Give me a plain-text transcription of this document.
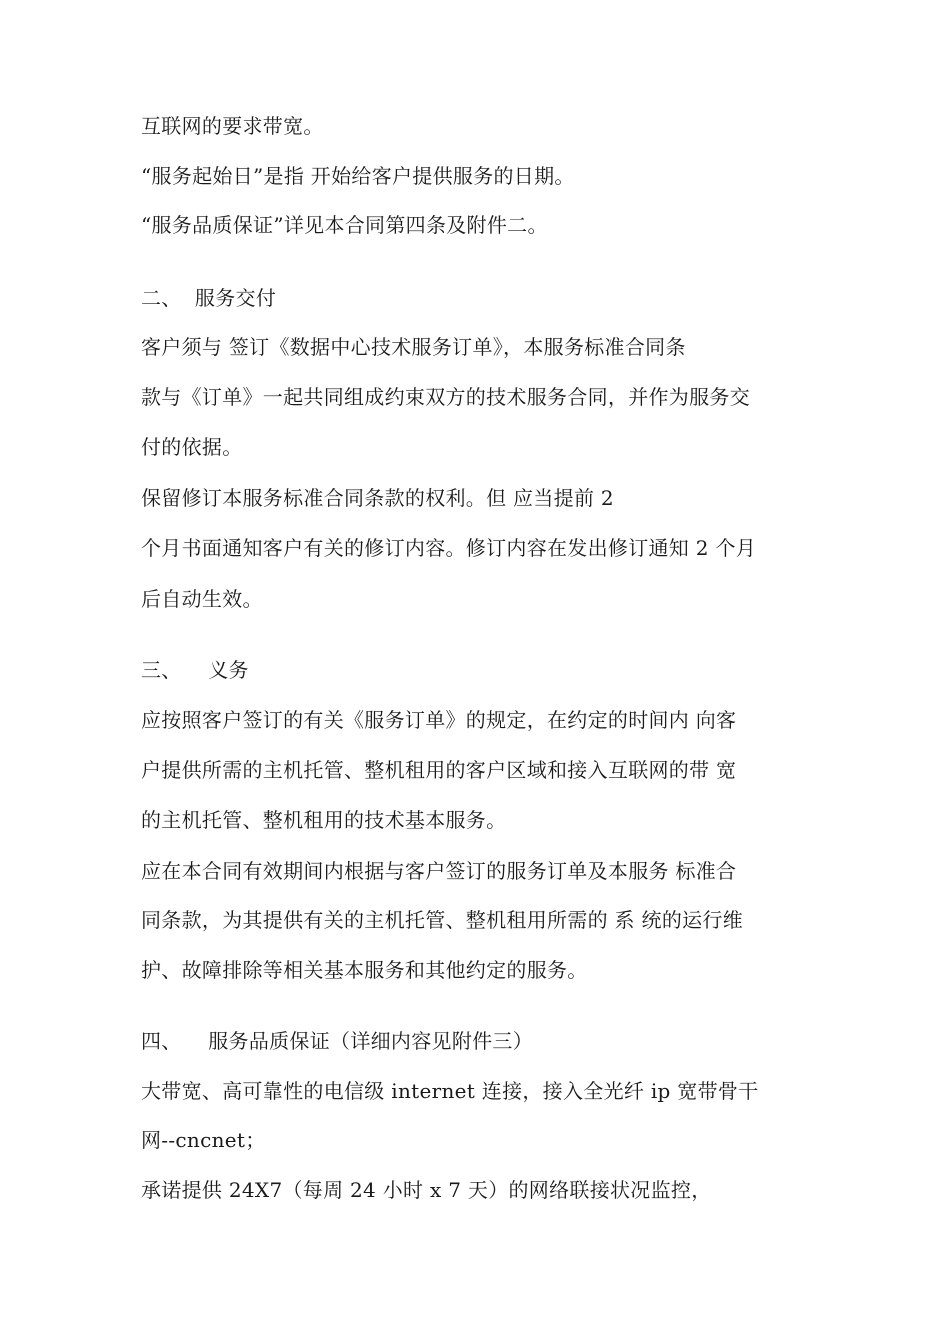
互联网的要求带宽。
“服务起始日”是指 开始给客户提供服务的日期。
“服务品质保证”详见本合同第四条及附件二。
二、  服务交付
客户须与 签订《数据中心技术服务订单》，本服务标准合同条
款与《订单》一起共同组成约束双方的技术服务合同，并作为服务交
付的依据。
保留修订本服务标准合同条款的权利。但 应当提前 2
个月书面通知客户有关的修订内容。修订内容在发出修订通知 2 个月
后自动生效。
三、    义务
应按照客户签订的有关《服务订单》的规定，在约定的时间内 向客
户提供所需的主机托管、整机租用的客户区域和接入互联网的带 宽
的主机托管、整机租用的技术基本服务。
应在本合同有效期间内根据与客户签订的服务订单及本服务 标准合
同条款，为其提供有关的主机托管、整机租用所需的 系 统的运行维
护、故障排除等相关基本服务和其他约定的服务。
四、    服务品质保证（详细内容见附件三）
大带宽、高可靠性的电信级 internet 连接，接入全光纤 ip 宽带骨干
网--cncnet；
承诺提供 24X7（每周 24 小时 x 7 天）的网络联接状况监控，
